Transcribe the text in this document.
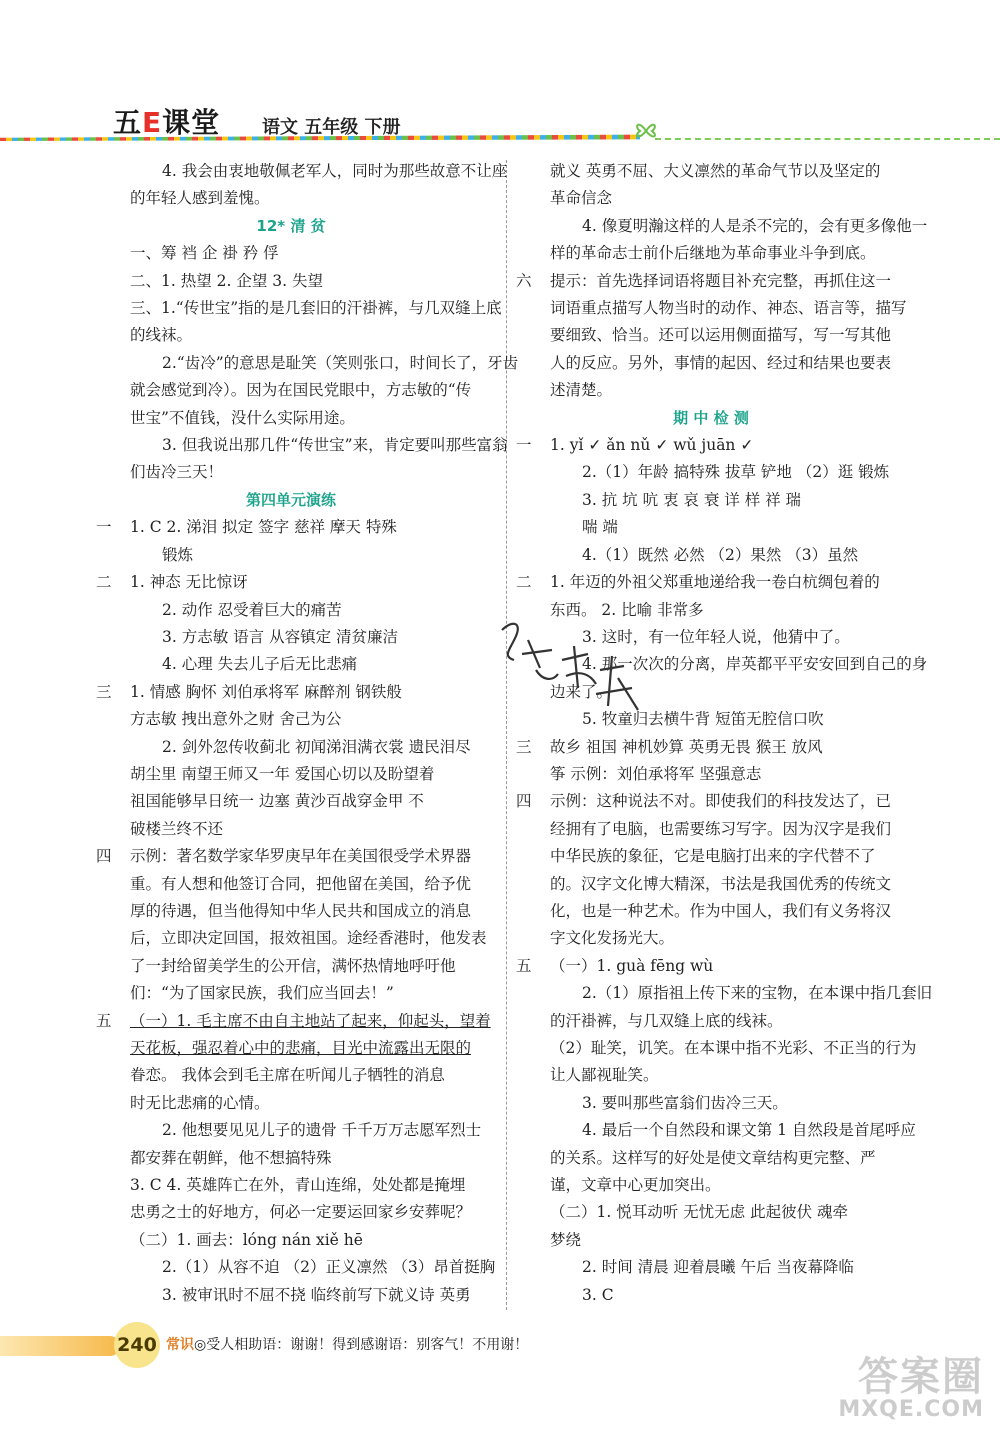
五E课堂 语文 五年级 下册
4. 我会由衷地敬佩老军人，同时为那些故意不让座
的年轻人感到羞愧。
12* 清 贫
一、筹 裆 企 褂 矜 俘
二、1. 热望 2. 企望 3. 失望
三、1.“传世宝”指的是几套旧的汗褂裤，与几双缝上底
的线袜。
2.“齿冷”的意思是耻笑（笑则张口，时间长了，牙齿
就会感觉到冷）。因为在国民党眼中，方志敏的“传
世宝”不值钱，没什么实际用途。
3. 但我说出那几件“传世宝”来，肯定要叫那些富翁
们齿冷三天！
第四单元演练
一 1. C 2. 涕泪 拟定 签字 慈祥 摩天 特殊
锻炼
二 1. 神态 无比惊讶
2. 动作 忍受着巨大的痛苦
3. 方志敏 语言 从容镇定 清贫廉洁
4. 心理 失去儿子后无比悲痛
三 1. 情感 胸怀 刘伯承将军 麻醉剂 钢铁般
方志敏 拽出意外之财 舍己为公
2. 剑外忽传收蓟北 初闻涕泪满衣裳 遗民泪尽
胡尘里 南望王师又一年 爱国心切以及盼望着
祖国能够早日统一 边塞 黄沙百战穿金甲 不
破楼兰终不还
四 示例：著名数学家华罗庚早年在美国很受学术界器
重。有人想和他签订合同，把他留在美国，给予优
厚的待遇，但当他得知中华人民共和国成立的消息
后，立即决定回国，报效祖国。途经香港时，他发表
了一封给留美学生的公开信，满怀热情地呼吁他
们：“为了国家民族，我们应当回去！”
五 （一）1. 毛主席不由自主地站了起来，仰起头，望着
天花板，强忍着心中的悲痛，目光中流露出无限的
眷恋。 我体会到毛主席在听闻儿子牺牲的消息
时无比悲痛的心情。
2. 他想要见见儿子的遗骨 千千万万志愿军烈士
都安葬在朝鲜，他不想搞特殊
3. C 4. 英雄阵亡在外，青山连绵，处处都是掩埋
忠勇之士的好地方，何必一定要运回家乡安葬呢？
（二）1. 画去：lóng nán xiě hē
2.（1）从容不迫 （2）正义凛然 （3）昂首挺胸
3. 被审讯时不屈不挠 临终前写下就义诗 英勇
就义 英勇不屈、大义凛然的革命气节以及坚定的
革命信念
4. 像夏明瀚这样的人是杀不完的，会有更多像他一
样的革命志士前仆后继地为革命事业斗争到底。
六 提示：首先选择词语将题目补充完整，再抓住这一
词语重点描写人物当时的动作、神态、语言等，描写
要细致、恰当。还可以运用侧面描写，写一写其他
人的反应。另外，事情的起因、经过和结果也要表
述清楚。
期 中 检 测
一 1. yǐ ✓ ǎn nǔ ✓ wǔ juān ✓
2.（1）年龄 搞特殊 拔草 铲地 （2）逛 锻炼
3. 抗 坑 吭 衷 哀 衰 详 样 祥 瑞
喘 端
4.（1）既然 必然 （2）果然 （3）虽然
二 1. 年迈的外祖父郑重地递给我一卷白杭绸包着的
东西。 2. 比喻 非常多
3. 这时，有一位年轻人说，他猜中了。
4. 那一次次的分离，岸英都平平安安回到自己的身
边来了。
5. 牧童归去横牛背 短笛无腔信口吹
三 故乡 祖国 神机妙算 英勇无畏 猴王 放风
筝 示例：刘伯承将军 坚强意志
四 示例：这种说法不对。即使我们的科技发达了，已
经拥有了电脑，也需要练习写字。因为汉字是我们
中华民族的象征，它是电脑打出来的字代替不了
的。汉字文化博大精深，书法是我国优秀的传统文
化，也是一种艺术。作为中国人，我们有义务将汉
字文化发扬光大。
五 （一）1. guà fēng wù
2.（1）原指祖上传下来的宝物，在本课中指几套旧
的汗褂裤，与几双缝上底的线袜。
（2）耻笑，讥笑。在本课中指不光彩、不正当的行为
让人鄙视耻笑。
3. 要叫那些富翁们齿冷三天。
4. 最后一个自然段和课文第 1 自然段是首尾呼应
的关系。这样写的好处是使文章结构更完整、严
谨，文章中心更加突出。
（二）1. 悦耳动听 无忧无虑 此起彼伏 魂牵
梦绕
2. 时间 清晨 迎着晨曦 午后 当夜幕降临
3. C
240 常识◎受人相助语：谢谢！得到感谢语：别客气！不用谢！
答案圈
MXQE.COM
